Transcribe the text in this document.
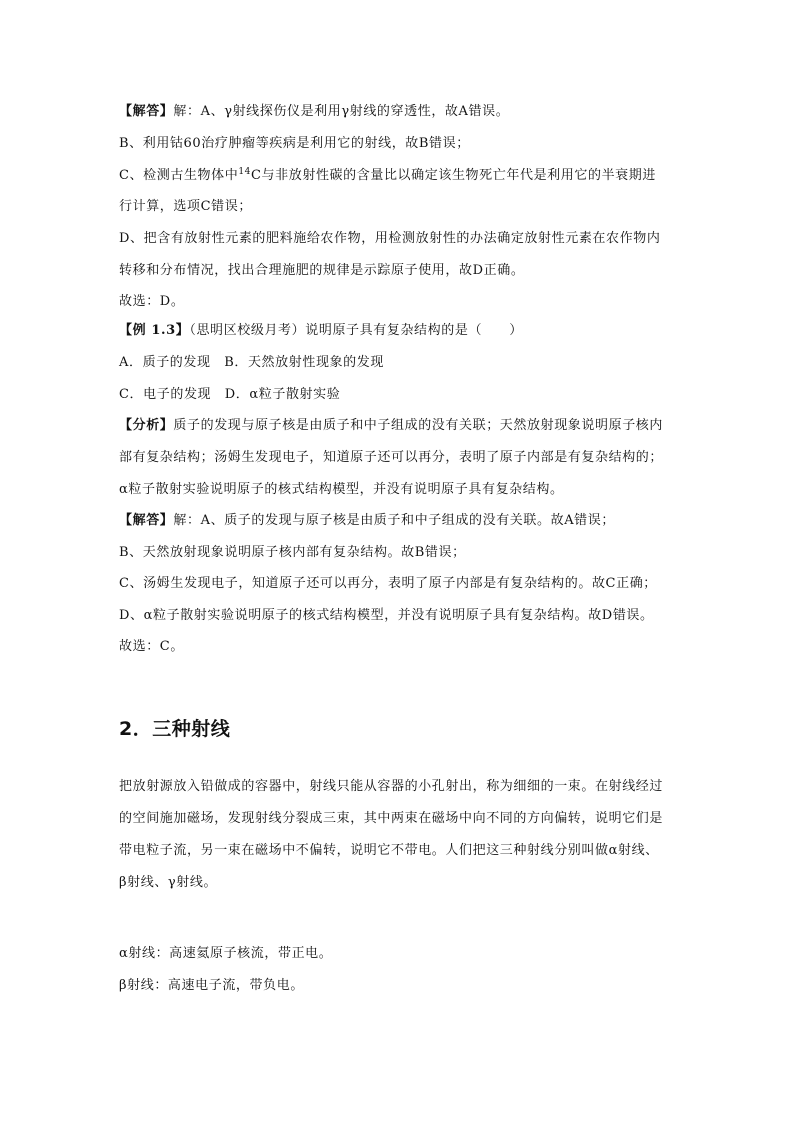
【解答】解：A、γ射线探伤仪是利用γ射线的穿透性，故A错误。
B、利用钴60治疗肿瘤等疾病是利用它的射线，故B错误；
C、检测古生物体中$^{14}$C与非放射性碳的含量比以确定该生物死亡年代是利用它的半衰期进
行计算，选项C错误；
D、把含有放射性元素的肥料施给农作物，用检测放射性的办法确定放射性元素在农作物内
转移和分布情况，找出合理施肥的规律是示踪原子使用，故D正确。
故选：D。
【例 1.3】（思明区校级月考）说明原子具有复杂结构的是（　　）
A．质子的发现　B．天然放射性现象的发现
C．电子的发现　D．α粒子散射实验
【分析】质子的发现与原子核是由质子和中子组成的没有关联；天然放射现象说明原子核内
部有复杂结构；汤姆生发现电子，知道原子还可以再分，表明了原子内部是有复杂结构的；
α粒子散射实验说明原子的核式结构模型，并没有说明原子具有复杂结构。
【解答】解：A、质子的发现与原子核是由质子和中子组成的没有关联。故A错误；
B、天然放射现象说明原子核内部有复杂结构。故B错误；
C、汤姆生发现电子，知道原子还可以再分，表明了原子内部是有复杂结构的。故C正确；
D、α粒子散射实验说明原子的核式结构模型，并没有说明原子具有复杂结构。故D错误。
故选：C。
2．三种射线
把放射源放入铅做成的容器中，射线只能从容器的小孔射出，称为细细的一束。在射线经过
的空间施加磁场，发现射线分裂成三束，其中两束在磁场中向不同的方向偏转，说明它们是
带电粒子流，另一束在磁场中不偏转，说明它不带电。人们把这三种射线分别叫做α射线、
β射线、γ射线。
α射线：高速氦原子核流，带正电。
β射线：高速电子流，带负电。
